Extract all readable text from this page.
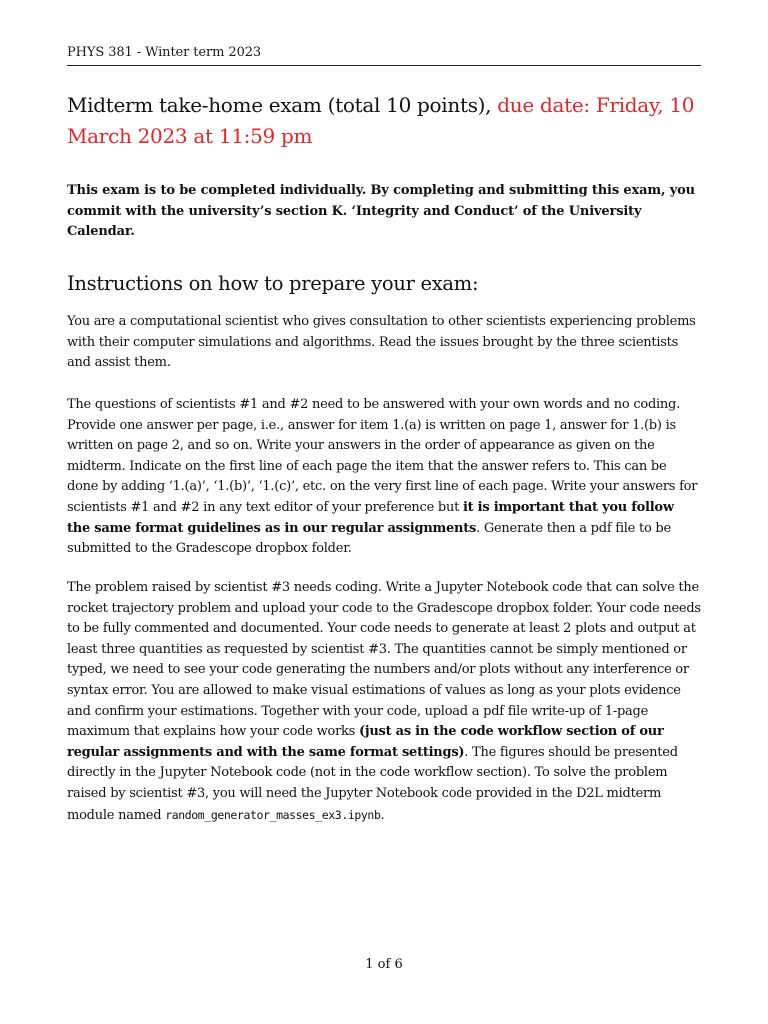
PHYS 381 - Winter term 2023
Midterm take-home exam (total 10 points), due date: Friday, 10 March 2023 at 11:59 pm

This exam is to be completed individually. By completing and submitting this exam, you commit with the university’s section K. ‘Integrity and Conduct’ of the University Calendar.

Instructions on how to prepare your exam:

You are a computational scientist who gives consultation to other scientists experiencing problems with their computer simulations and algorithms. Read the issues brought by the three scientists and assist them.

The questions of scientists #1 and #2 need to be answered with your own words and no coding. Provide one answer per page, i.e., answer for item 1.(a) is written on page 1, answer for 1.(b) is written on page 2, and so on. Write your answers in the order of appearance as given on the midterm. Indicate on the first line of each page the item that the answer refers to. This can be done by adding ‘1.(a)’, ‘1.(b)’, ‘1.(c)’, etc. on the very first line of each page. Write your answers for scientists #1 and #2 in any text editor of your preference but it is important that you follow the same format guidelines as in our regular assignments. Generate then a pdf file to be submitted to the Gradescope dropbox folder.

The problem raised by scientist #3 needs coding. Write a Jupyter Notebook code that can solve the rocket trajectory problem and upload your code to the Gradescope dropbox folder. Your code needs to be fully commented and documented. Your code needs to generate at least 2 plots and output at least three quantities as requested by scientist #3. The quantities cannot be simply mentioned or typed, we need to see your code generating the numbers and/or plots without any interference or syntax error. You are allowed to make visual estimations of values as long as your plots evidence and confirm your estimations. Together with your code, upload a pdf file write-up of 1-page maximum that explains how your code works (just as in the code workflow section of our regular assignments and with the same format settings). The figures should be presented directly in the Jupyter Notebook code (not in the code workflow section). To solve the problem raised by scientist #3, you will need the Jupyter Notebook code provided in the D2L midterm module named random_generator_masses_ex3.ipynb.

1 of 6
